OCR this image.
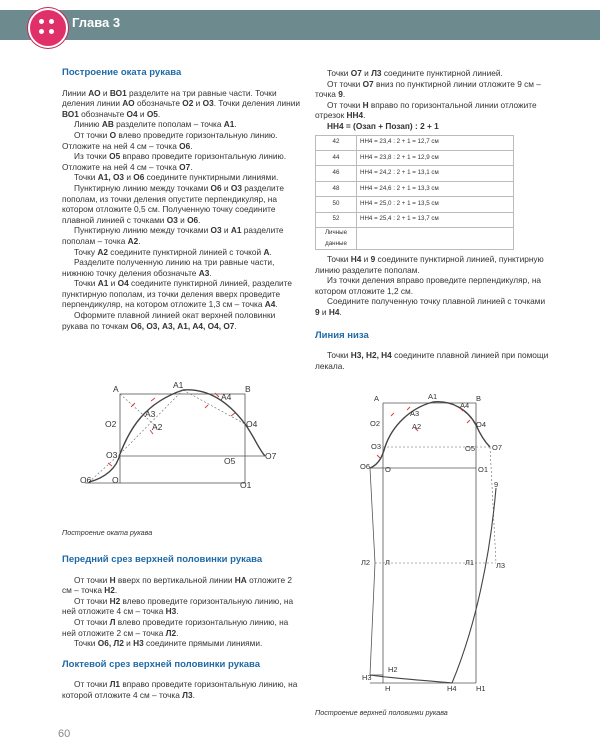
Глава 3

Построение оката рукава

Линии АО и ВО1 разделите на три равные части. Точки деления линии АО обозначьте О2 и О3. Точки деления линии ВО1 обозначьте О4 и О5.

Линию АВ разделите пополам – точка А1.

От точки О влево проведите горизонтальную линию. Отложите на ней 4 см – точка О6.

Из точки О5 вправо проведите горизонтальную линию. Отложите на ней 4 см – точка О7.

Точки А1, О3 и О6 соедините пунктирными линиями.

Пунктирную линию между точками О6 и О3 разделите пополам, из точки деления опустите перпендикуляр, на котором отложите 0,5 см. Полученную точку соедините плавной линией с точками О3 и О6.

Пунктирную линию между точками О3 и А1 разделите пополам – точка А2.

Точку А2 соедините пунктирной линией с точкой А.

Разделите полученную линию на три равные части, нижнюю точку деления обозначьте А3.

Точки А1 и О4 соедините пунктирной линией, разделите пунктирную пополам, из точки деления вверх проведите перпендикуляр, на котором отложите 1,3 см – точка А4.

Оформите плавной линией окат верхней половинки рукава по точкам О6, О3, А3, А1, А4, О4, О7.

А	А1	В
А4
А3
А2
О2	О4
О3
О5	О7
О6 О	О1
Построение оката рукава

Передний срез верхней половинки рукава

От точки Н вверх по вертикальной линии НА отложите 2 см – точка Н2.

От точки Н2 влево проведите горизонтальную линию, на ней отложите 4 см – точка Н3.

От точки Л влево проведите горизонтальную линию, на ней отложите 2 см – точка Л2.

Точки О6, Л2 и Н3 соедините прямыми линиями.

Локтевой срез верхней половинки рукава

От точки Л1 вправо проведите горизонтальную линию, на которой отложите 4 см – точка Л3.

Точки О7 и Л3 соедините пунктирной линией.

От точки О7 вниз по пунктирной линии отложите 9 см – точка 9.

От точки Н вправо по горизонтальной линии отложите отрезок НН4.

НН4 = (Озап + Позап) : 2 + 1

42	НН4 = 23,4 : 2 + 1 = 12,7 см
44	НН4 = 23,8 : 2 + 1 = 12,9 см
46	НН4 = 24,2 : 2 + 1 = 13,1 см
48	НН4 = 24,6 : 2 + 1 = 13,3 см
50	НН4 = 25,0 : 2 + 1 = 13,5 см
52	НН4 = 25,4 : 2 + 1 = 13,7 см
Личные данные	

Точки Н4 и 9 соедините пунктирной линией, пунктирную линию разделите пополам.

Из точки деления вправо проведите перпендикуляр, на котором отложите 1,2 см.

Соедините полученную точку плавной линией с точками 9 и Н4.

Линия низа

Точки Н3, Н2, Н4 соедините плавной линией при помощи лекала.

А	А1	В
А4
А3
А2
О2	О4
О3	О5 О7
О6 О	О1
9
Л2 Л	Л1	Л3
Н2
Н3
Н	Н4	Н1
Построение верхней половинки рукава
60
